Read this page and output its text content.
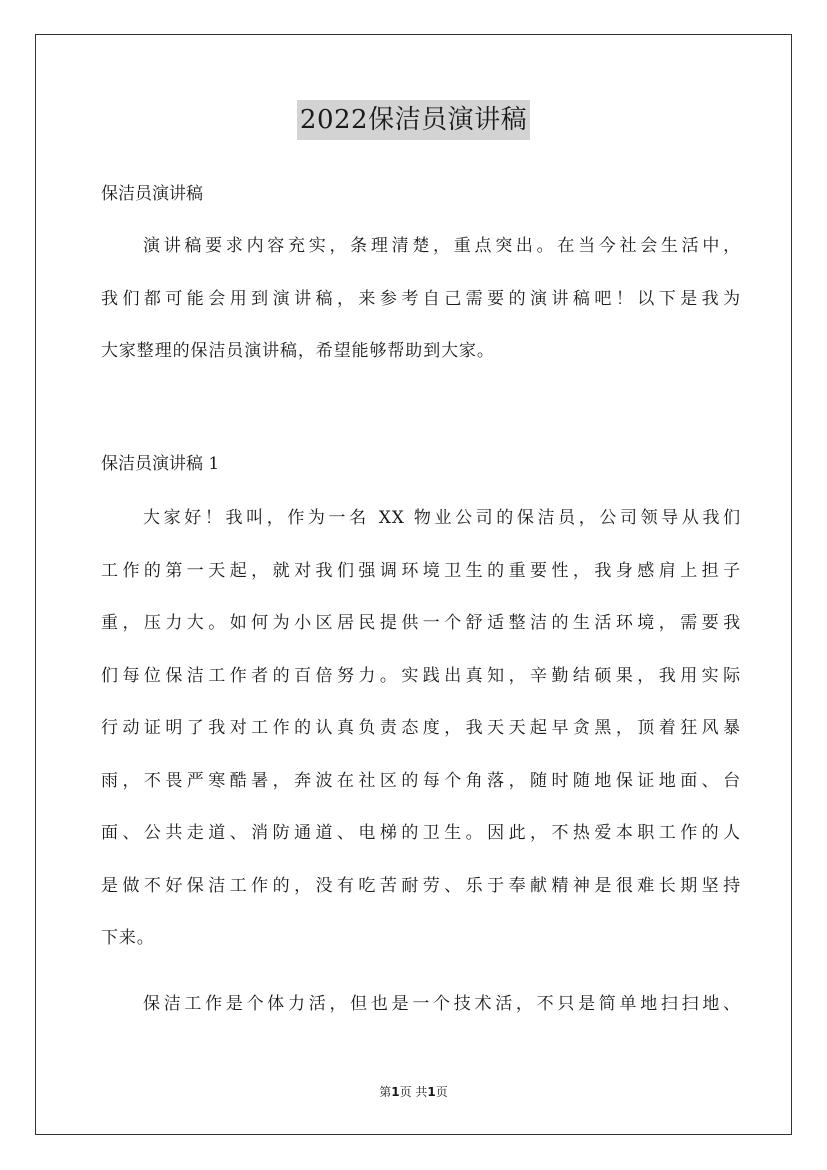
2022保洁员演讲稿
保洁员演讲稿
演讲稿要求内容充实，条理清楚，重点突出。在当今社会生活中，
我们都可能会用到演讲稿，来参考自己需要的演讲稿吧！以下是我为
大家整理的保洁员演讲稿，希望能够帮助到大家。
保洁员演讲稿 1
大家好！我叫，作为一名 XX 物业公司的保洁员，公司领导从我们
工作的第一天起，就对我们强调环境卫生的重要性，我身感肩上担子
重，压力大。如何为小区居民提供一个舒适整洁的生活环境，需要我
们每位保洁工作者的百倍努力。实践出真知，辛勤结硕果，我用实际
行动证明了我对工作的认真负责态度，我天天起早贪黑，顶着狂风暴
雨，不畏严寒酷暑，奔波在社区的每个角落，随时随地保证地面、台
面、公共走道、消防通道、电梯的卫生。因此，不热爱本职工作的人
是做不好保洁工作的，没有吃苦耐劳、乐于奉献精神是很难长期坚持
下来。
保洁工作是个体力活，但也是一个技术活，不只是简单地扫扫地、
第1页 共1页
